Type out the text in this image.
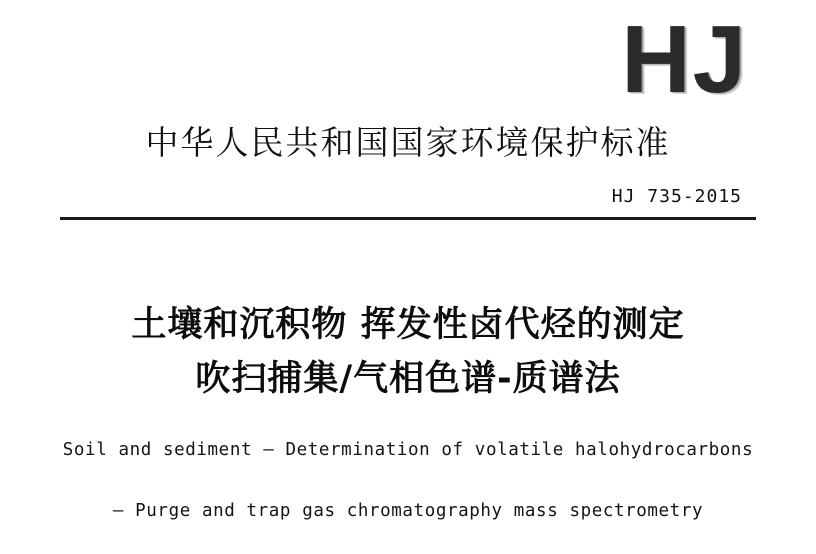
HJ
中华人民共和国国家环境保护标准
HJ 735-2015
土壤和沉积物 挥发性卤代烃的测定
吹扫捕集/气相色谱-质谱法
Soil and sediment — Determination of volatile halohydrocarbons
— Purge and trap gas chromatography mass spectrometry
